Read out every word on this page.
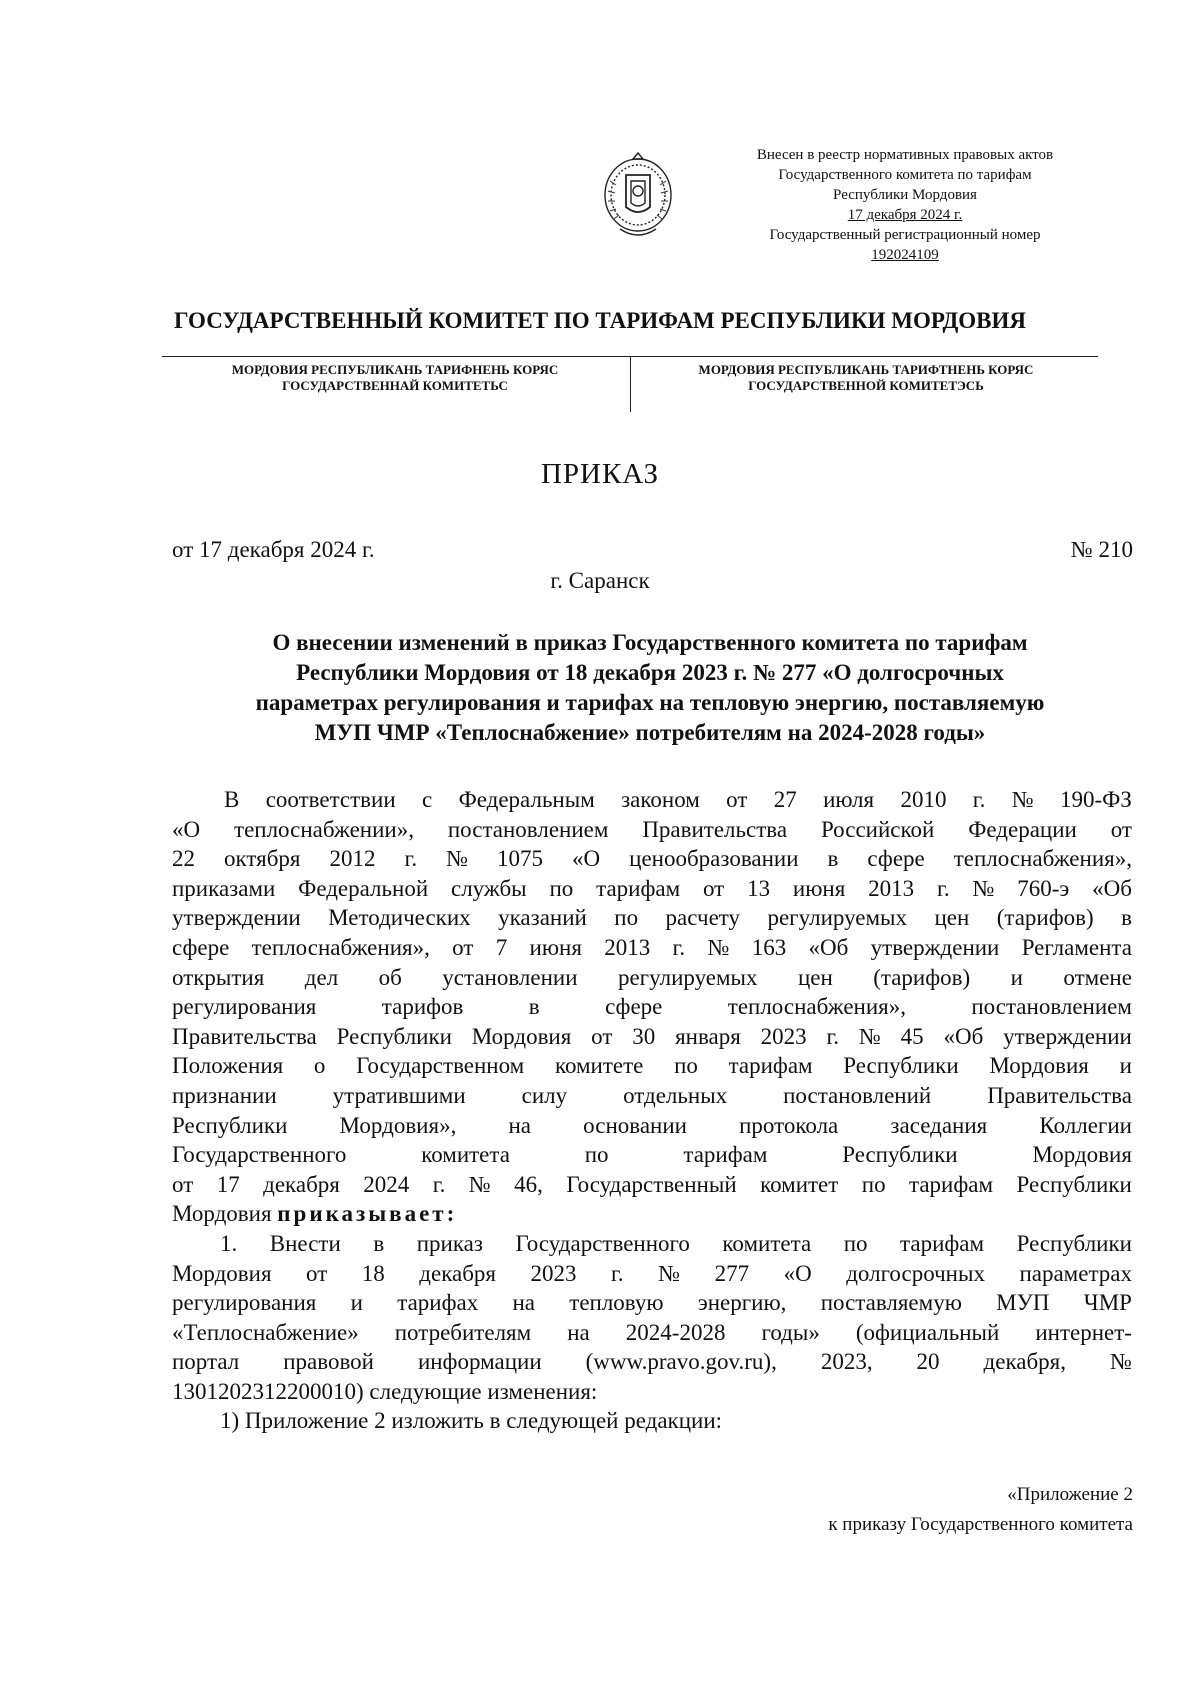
Внесен в реестр нормативных правовых актов
Государственного комитета по тарифам
Республики Мордовия
17 декабря 2024 г.
Государственный регистрационный номер
192024109
ГОСУДАРСТВЕННЫЙ КОМИТЕТ ПО ТАРИФАМ РЕСПУБЛИКИ МОРДОВИЯ
МОРДОВИЯ РЕСПУБЛИКАНЬ ТАРИФНЕНЬ КОРЯС
ГОСУДАРСТВЕННАЙ КОМИТЕТЬС
МОРДОВИЯ РЕСПУБЛИКАНЬ ТАРИФТНЕНЬ КОРЯС
ГОСУДАРСТВЕННОЙ КОМИТЕТЭСЬ
ПРИКАЗ
от 17 декабря 2024 г.	№ 210
г. Саранск
О внесении изменений в приказ Государственного комитета по тарифам
Республики Мордовия от 18 декабря 2023 г. № 277 «О долгосрочных
параметрах регулирования и тарифах на тепловую энергию, поставляемую
МУП ЧМР «Теплоснабжение» потребителям на 2024-2028 годы»
В соответствии с Федеральным законом от 27 июля 2010 г. № 190-ФЗ
«О теплоснабжении», постановлением Правительства Российской Федерации от
22 октября 2012 г. № 1075 «О ценообразовании в сфере теплоснабжения»,
приказами Федеральной службы по тарифам от 13 июня 2013 г. № 760-э «Об
утверждении Методических указаний по расчету регулируемых цен (тарифов) в
сфере теплоснабжения», от 7 июня 2013 г. № 163 «Об утверждении Регламента
открытия дел об установлении регулируемых цен (тарифов) и отмене
регулирования	тарифов	в	сфере	теплоснабжения»,	постановлением
Правительства Республики Мордовия от 30 января 2023 г. № 45 «Об утверждении
Положения о Государственном комитете по тарифам Республики Мордовия и
признании утратившими силу отдельных постановлений Правительства
Республики Мордовия», на основании протокола заседания Коллегии
Государственного	комитета	по	тарифам	Республики	Мордовия
от 17 декабря 2024 г. № 46, Государственный комитет по тарифам Республики
Мордовия приказывает:
1. Внести в приказ Государственного комитета по тарифам Республики
Мордовия от 18 декабря 2023 г. № 277 «О долгосрочных параметрах
регулирования и тарифах на тепловую энергию, поставляемую МУП ЧМР
«Теплоснабжение» потребителям на 2024-2028 годы» (официальный интернет-
портал правовой информации (www.pravo.gov.ru), 2023, 20 декабря, №
1301202312200010) следующие изменения:
1) Приложение 2 изложить в следующей редакции:
«Приложение 2
к приказу Государственного комитета
